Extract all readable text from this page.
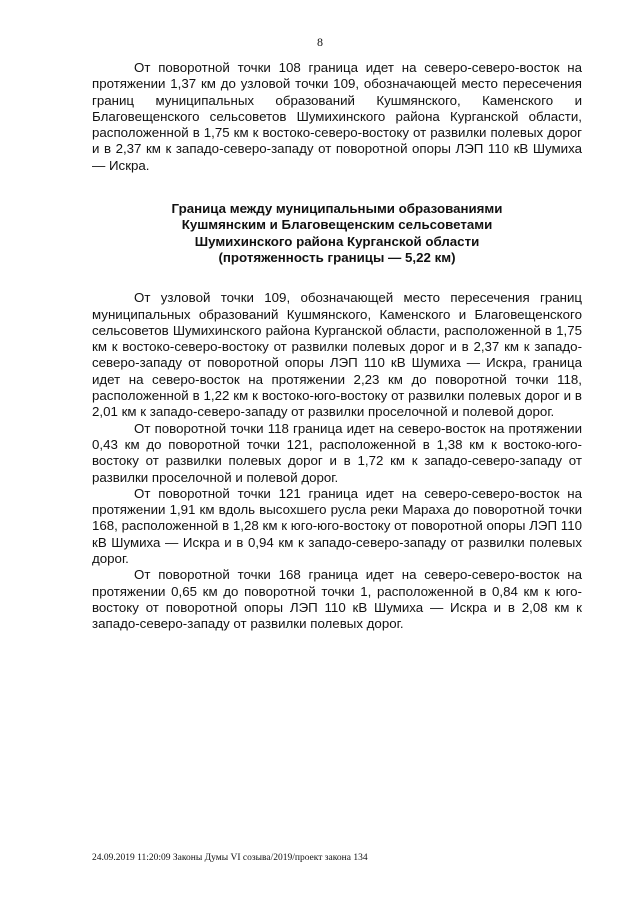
8

От поворотной точки 108 граница идет на северо-северо-восток на протяжении 1,37 км до узловой точки 109, обозначающей место пересечения границ муниципальных образований Кушмянского, Каменского и Благовещенского сельсоветов Шумихинского района Курганской области, расположенной в 1,75 км к востоко-северо-востоку от развилки полевых дорог и в 2,37 км к западо-северо-западу от поворотной опоры ЛЭП 110 кВ Шумиха — Искра.

Граница между муниципальными образованиями
Кушмянским и Благовещенским сельсоветами
Шумихинского района Курганской области
(протяженность границы — 5,22 км)

От узловой точки 109, обозначающей место пересечения границ муниципальных образований Кушмянского, Каменского и Благовещенского сельсоветов Шумихинского района Курганской области, расположенной в 1,75 км к востоко-северо-востоку от развилки полевых дорог и в 2,37 км к западо-северо-западу от поворотной опоры ЛЭП 110 кВ Шумиха — Искра, граница идет на северо-восток на протяжении 2,23 км до поворотной точки 118, расположенной в 1,22 км к востоко-юго-востоку от развилки полевых дорог и в 2,01 км к западо-северо-западу от развилки проселочной и полевой дорог.

От поворотной точки 118 граница идет на северо-восток на протяжении 0,43 км до поворотной точки 121, расположенной в 1,38 км к востоко-юго-востоку от развилки полевых дорог и в 1,72 км к западо-северо-западу от развилки проселочной и полевой дорог.

От поворотной точки 121 граница идет на северо-северо-восток на протяжении 1,91 км вдоль высохшего русла реки Мараха до поворотной точки 168, расположенной в 1,28 км к юго-юго-востоку от поворотной опоры ЛЭП 110 кВ Шумиха — Искра и в 0,94 км к западо-северо-западу от развилки полевых дорог.

От поворотной точки 168 граница идет на северо-северо-восток на протяжении 0,65 км до поворотной точки 1, расположенной в 0,84 км к юго-востоку от поворотной опоры ЛЭП 110 кВ Шумиха — Искра и в 2,08 км к западо-северо-западу от развилки полевых дорог.

24.09.2019 11:20:09 Законы Думы VI созыва/2019/проект закона 134
